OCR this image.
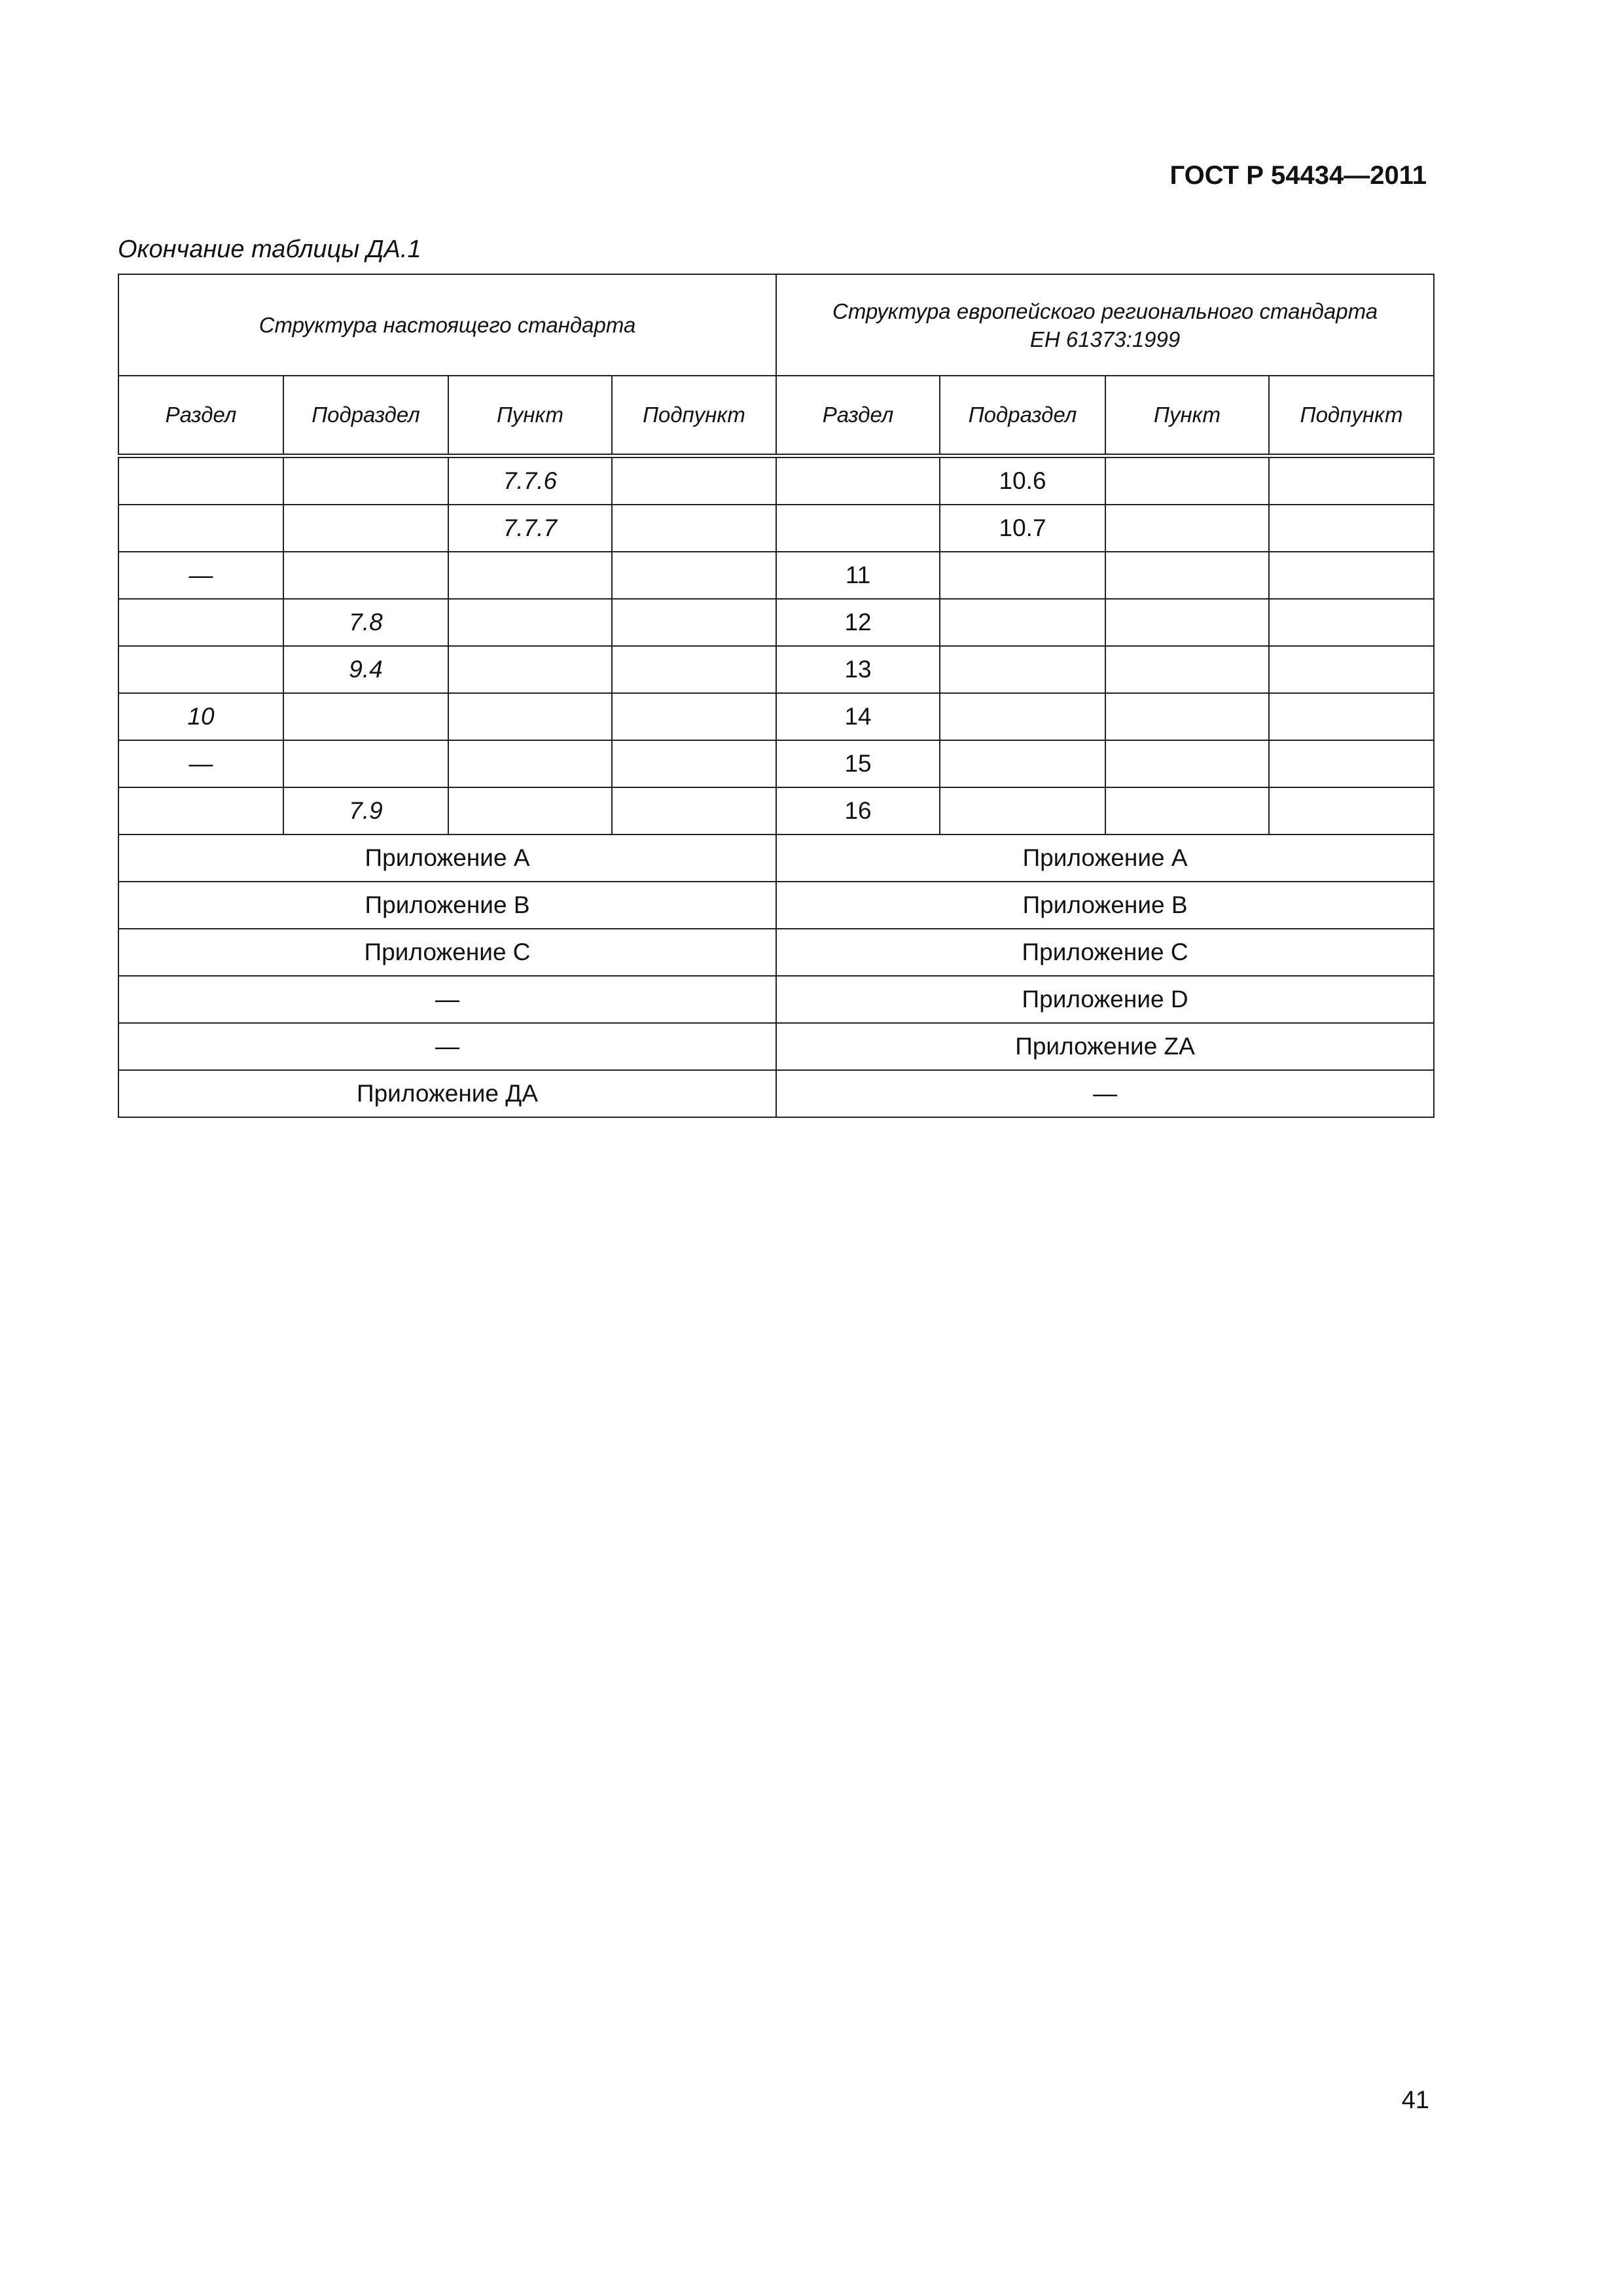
ГОСТ Р 54434—2011
Окончание таблицы ДА.1
Структура настоящего стандарта				Структура европейского регионального стандарта
ЕН 61373:1999			
Раздел	Подраздел	Пункт	Подпункт	Раздел	Подраздел	Пункт	Подпункт
		7.7.6			10.6		
		7.7.7			10.7		
—				11			
	7.8			12			
	9.4			13			
10				14			
—				15			
	7.9			16			
Приложение А				Приложение А			
Приложение В				Приложение В			
Приложение С				Приложение С			
—				Приложение D			
—				Приложение ZA			
Приложение ДА				—			
41
